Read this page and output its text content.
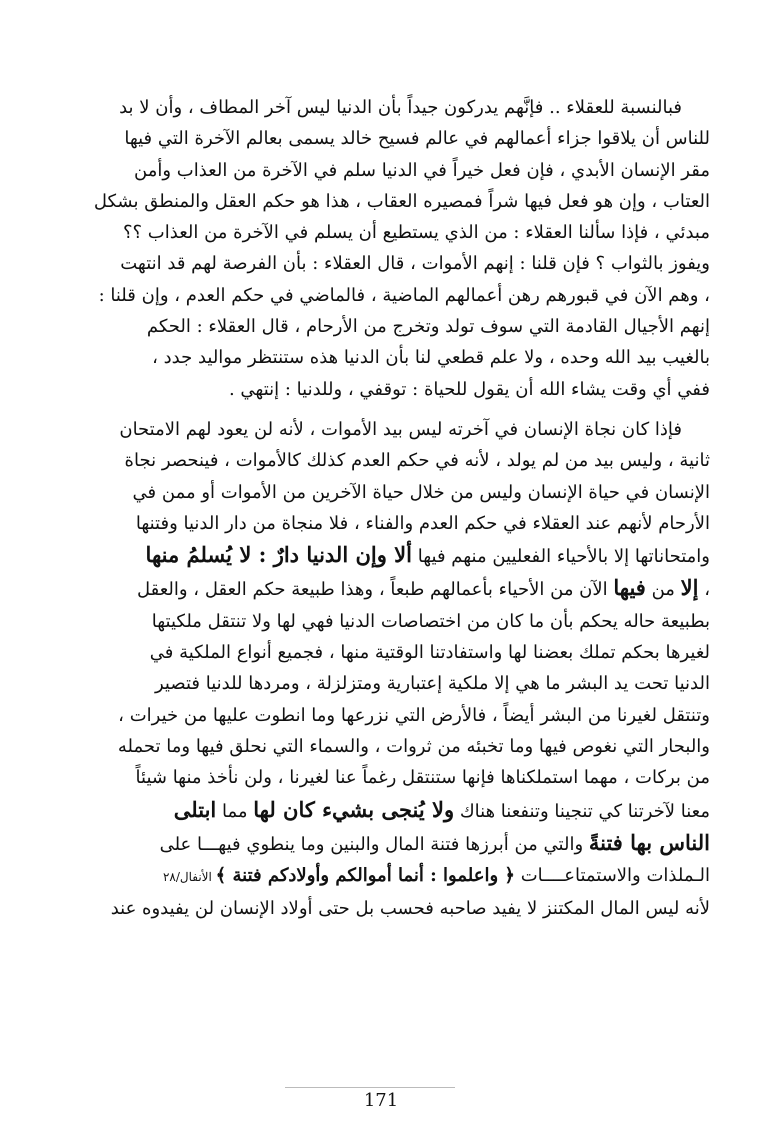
فبالنسبة للعقلاء .. فإنَّهم يدركون جيداً بأن الدنيا ليس آخر المطاف ، وأن لا بد
للناس أن يلاقوا جزاء أعمالهم في عالم فسيح خالد يسمى بعالم الآخرة التي فيها
مقر الإنسان الأبدي ، فإن فعل خيراً في الدنيا سلم في الآخرة من العذاب وأمن
العتاب ، وإن هو فعل فيها شراً فمصيره العقاب ، هذا هو حكم العقل والمنطق بشكل
مبدئي ، فإذا سألنا العقلاء : من الذي يستطيع أن يسلم في الآخرة من العذاب ؟؟
ويفوز بالثواب ؟ فإن قلنا : إنهم الأموات ، قال العقلاء : بأن الفرصة لهم قد انتهت
، وهم الآن في قبورهم رهن أعمالهم الماضية ، فالماضي في حكم العدم ، وإن قلنا :
إنهم الأجيال القادمة التي سوف تولد وتخرج من الأرحام ، قال العقلاء : الحكم
بالغيب بيد الله وحده ، ولا علم قطعي لنا بأن الدنيا هذه ستنتظر مواليد جدد ،
ففي أي وقت يشاء الله أن يقول للحياة : توقفي ، وللدنيا : إنتهي .

فإذا كان نجاة الإنسان في آخرته ليس بيد الأموات ، لأنه لن يعود لهم الامتحان
ثانية ، وليس بيد من لم يولد ، لأنه في حكم العدم كذلك كالأموات ، فينحصر نجاة
الإنسان في حياة الإنسان وليس من خلال حياة الآخرين من الأموات أو ممن في
الأرحام لأنهم عند العقلاء في حكم العدم والفناء ، فلا منجاة من دار الدنيا وفتنها
وامتحاناتها إلا بالأحياء الفعليين منهم فيها ألا وإن الدنيا دارٌ : لا يُسلمُ منها
، إلا من فيها الآن من الأحياء بأعمالهم طبعاً ، وهذا طبيعة حكم العقل ، والعقل
بطبيعة حاله يحكم بأن ما كان من اختصاصات الدنيا فهي لها ولا تنتقل ملكيتها
لغيرها بحكم تملك بعضنا لها واستفادتنا الوقتية منها ، فجميع أنواع الملكية في
الدنيا تحت يد البشر ما هي إلا ملكية إعتبارية ومتزلزلة ، ومردها للدنيا فتصير
وتنتقل لغيرنا من البشر أيضاً ، فالأرض التي نزرعها وما انطوت عليها من خيرات ،
والبحار التي نغوص فيها وما تخبئه من ثروات ، والسماء التي نحلق فيها وما تحمله
من بركات ، مهما استملكناها فإنها ستنتقل رغماً عنا لغيرنا ، ولن نأخذ منها شيئاً
معنا لآخرتنا كي تنجينا وتنفعنا هناك ولا يُنجى بشيء كان لها مما ابتلى
الناس بها فتنةً والتي من أبرزها فتنة المال والبنين وما ينطوي فيهـــا على
الـملذات والاستمتاعــــات ﴿ واعلموا : أنما أموالكم وأولادكم فتنة ﴾ الأنفال/٢٨
لأنه ليس المال المكتنز لا يفيد صاحبه فحسب بل حتى أولاد الإنسان لن يفيدوه عند

171
